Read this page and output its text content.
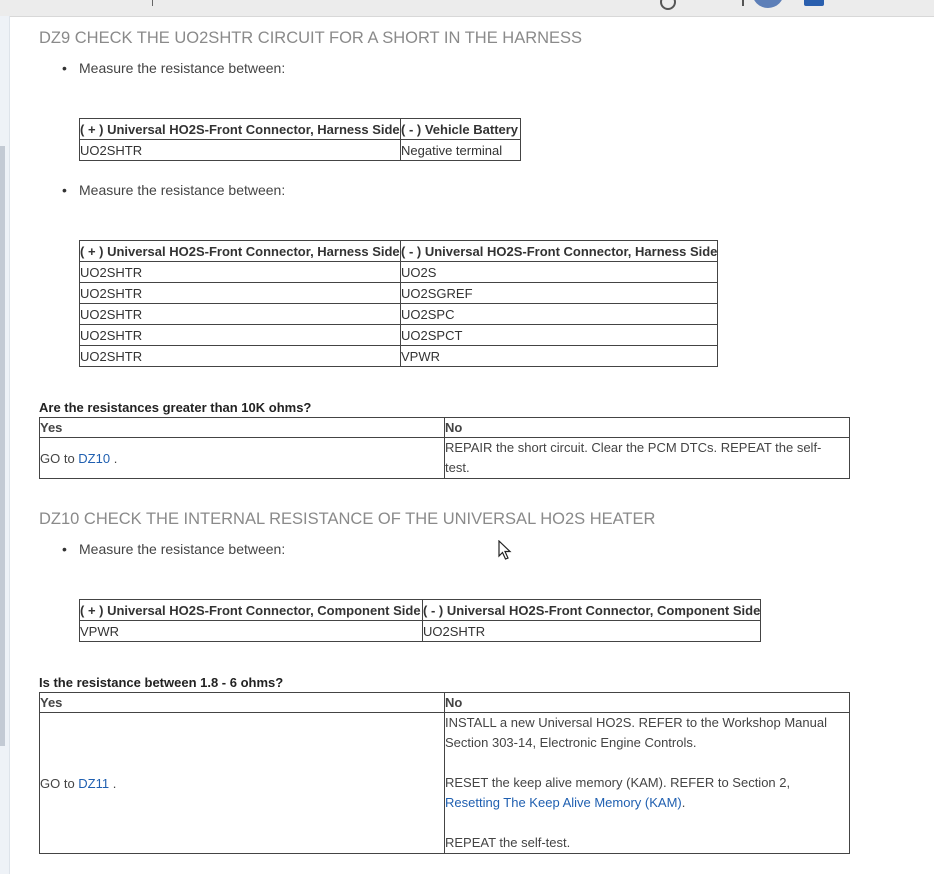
DZ9 CHECK THE UO2SHTR CIRCUIT FOR A SHORT IN THE HARNESS
• Measure the resistance between:
( + ) Universal HO2S-Front Connector, Harness Side	( - ) Vehicle Battery
UO2SHTR	Negative terminal
• Measure the resistance between:
( + ) Universal HO2S-Front Connector, Harness Side	( - ) Universal HO2S-Front Connector, Harness Side
UO2SHTR	UO2S
UO2SHTR	UO2SGREF
UO2SHTR	UO2SPC
UO2SHTR	UO2SPCT
UO2SHTR	VPWR
Are the resistances greater than 10K ohms?
Yes	No
GO to DZ10 .	REPAIR the short circuit. Clear the PCM DTCs. REPEAT the self-test.
DZ10 CHECK THE INTERNAL RESISTANCE OF THE UNIVERSAL HO2S HEATER
• Measure the resistance between:
( + ) Universal HO2S-Front Connector, Component Side	( - ) Universal HO2S-Front Connector, Component Side
VPWR	UO2SHTR
Is the resistance between 1.8 - 6 ohms?
Yes	No
GO to DZ11 .	INSTALL a new Universal HO2S. REFER to the Workshop Manual Section 303-14, Electronic Engine Controls.
RESET the keep alive memory (KAM). REFER to Section 2,
Resetting The Keep Alive Memory (KAM).
REPEAT the self-test.
